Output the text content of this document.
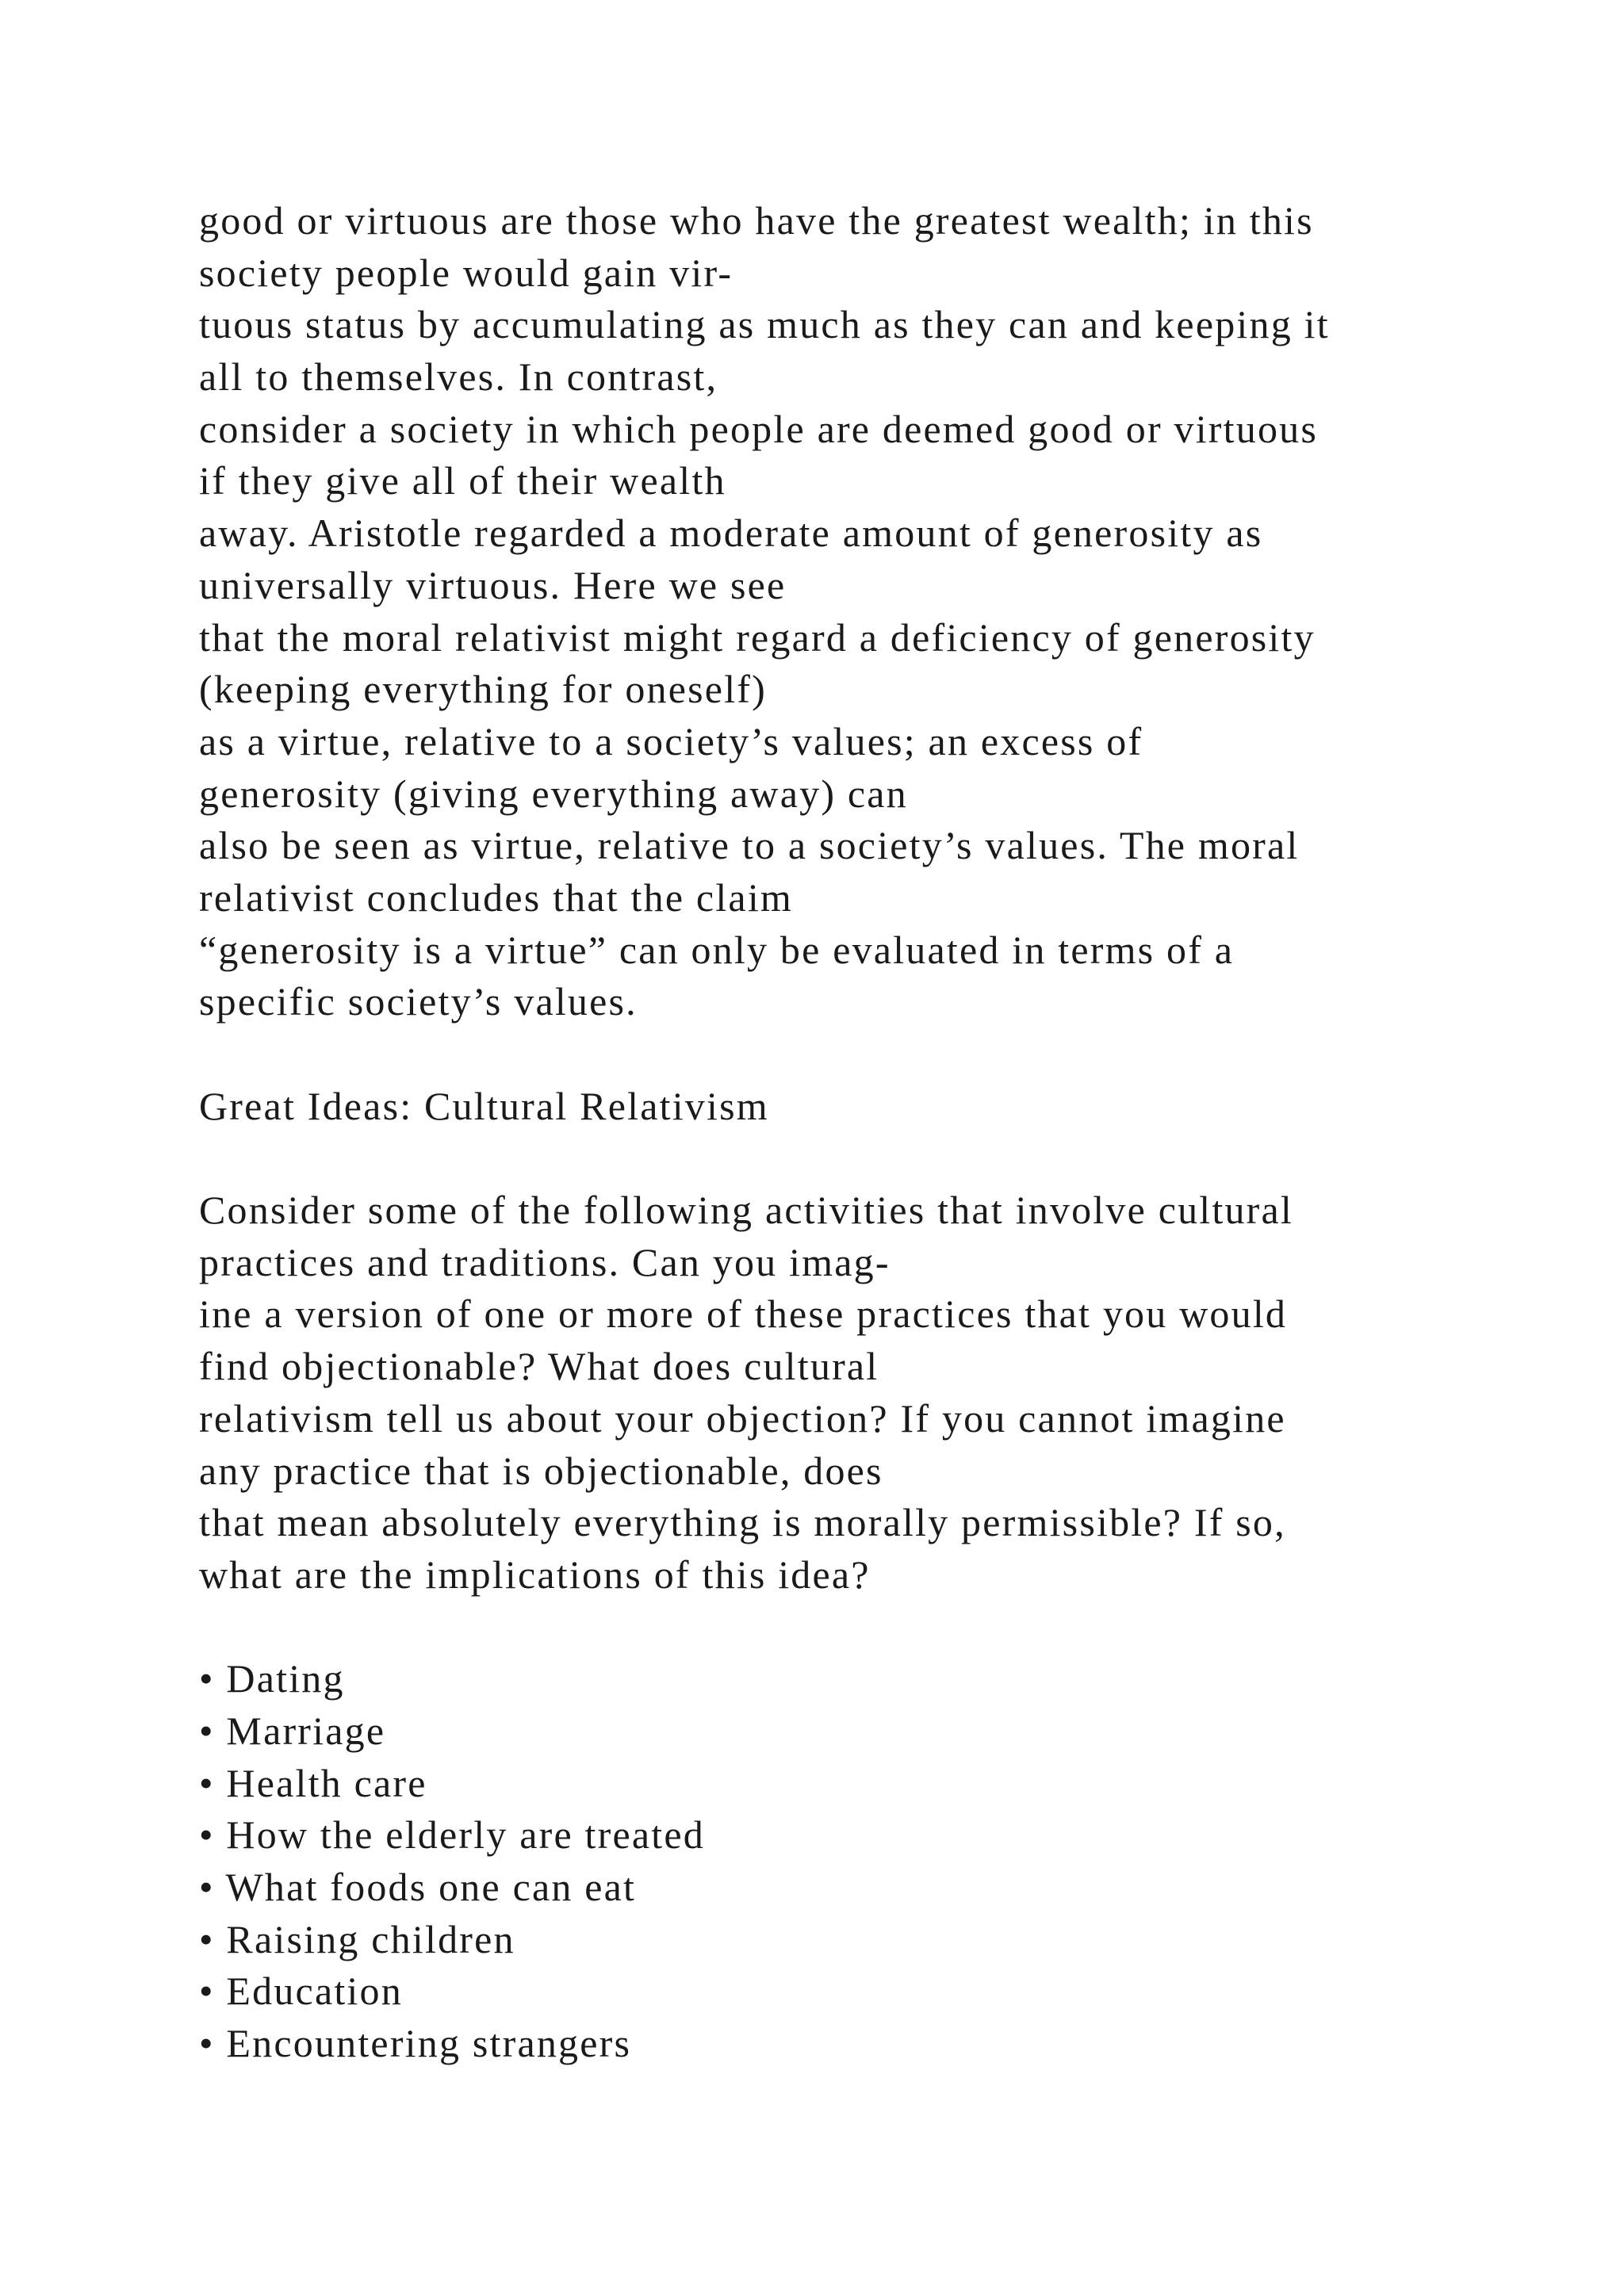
good or virtuous are those who have the greatest wealth; in this
society people would gain vir-
tuous status by accumulating as much as they can and keeping it
all to themselves. In contrast,
consider a society in which people are deemed good or virtuous
if they give all of their wealth
away. Aristotle regarded a moderate amount of generosity as
universally virtuous. Here we see
that the moral relativist might regard a deficiency of generosity
(keeping everything for oneself)
as a virtue, relative to a society’s values; an excess of
generosity (giving everything away) can
also be seen as virtue, relative to a society’s values. The moral
relativist concludes that the claim
“generosity is a virtue” can only be evaluated in terms of a
specific society’s values.
Great Ideas: Cultural Relativism
Consider some of the following activities that involve cultural
practices and traditions. Can you imag-
ine a version of one or more of these practices that you would
find objectionable? What does cultural
relativism tell us about your objection? If you cannot imagine
any practice that is objectionable, does
that mean absolutely everything is morally permissible? If so,
what are the implications of this idea?
• Dating
• Marriage
• Health care
• How the elderly are treated
• What foods one can eat
• Raising children
• Education
• Encountering strangers
